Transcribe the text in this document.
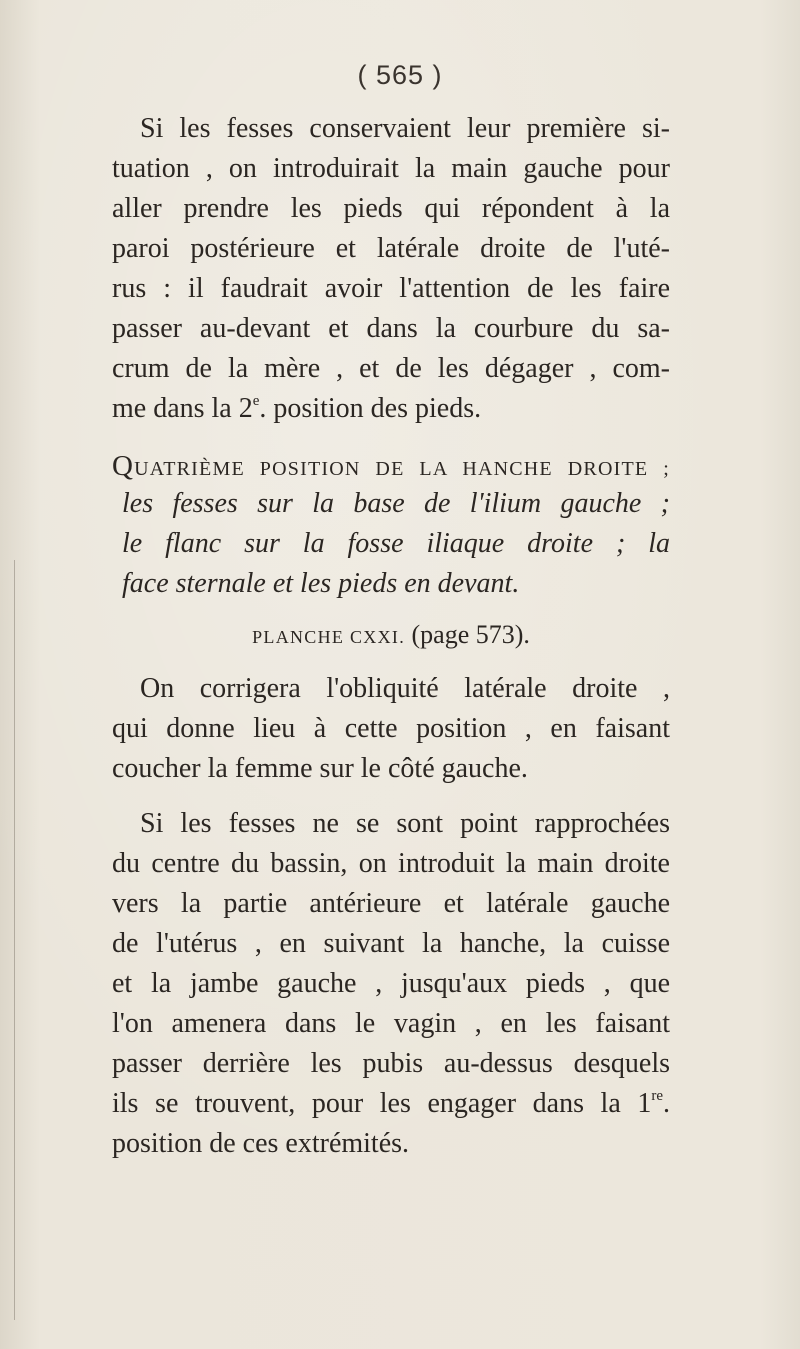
( 565 )
Si les fesses conservaient leur première si-
tuation , on introduirait la main gauche pour
aller prendre les pieds qui répondent à la
paroi postérieure et latérale droite de l'uté-
rus : il faudrait avoir l'attention de les faire
passer au-devant et dans la courbure du sa-
crum de la mère , et de les dégager , com-
me dans la 2e. position des pieds.
QUATRIÈME POSITION DE LA HANCHE DROITE ;
les fesses sur la base de l'ilium gauche ;
le flanc sur la fosse iliaque droite ; la
face sternale et les pieds en devant.
PLANCHE CXXI. (page 573).
On corrigera l'obliquité latérale droite ,
qui donne lieu à cette position , en faisant
coucher la femme sur le côté gauche.
Si les fesses ne se sont point rapprochées
du centre du bassin, on introduit la main droite
vers la partie antérieure et latérale gauche
de l'utérus , en suivant la hanche, la cuisse
et la jambe gauche , jusqu'aux pieds , que
l'on amenera dans le vagin , en les faisant
passer derrière les pubis au-dessus desquels
ils se trouvent, pour les engager dans la 1re.
position de ces extrémités.
